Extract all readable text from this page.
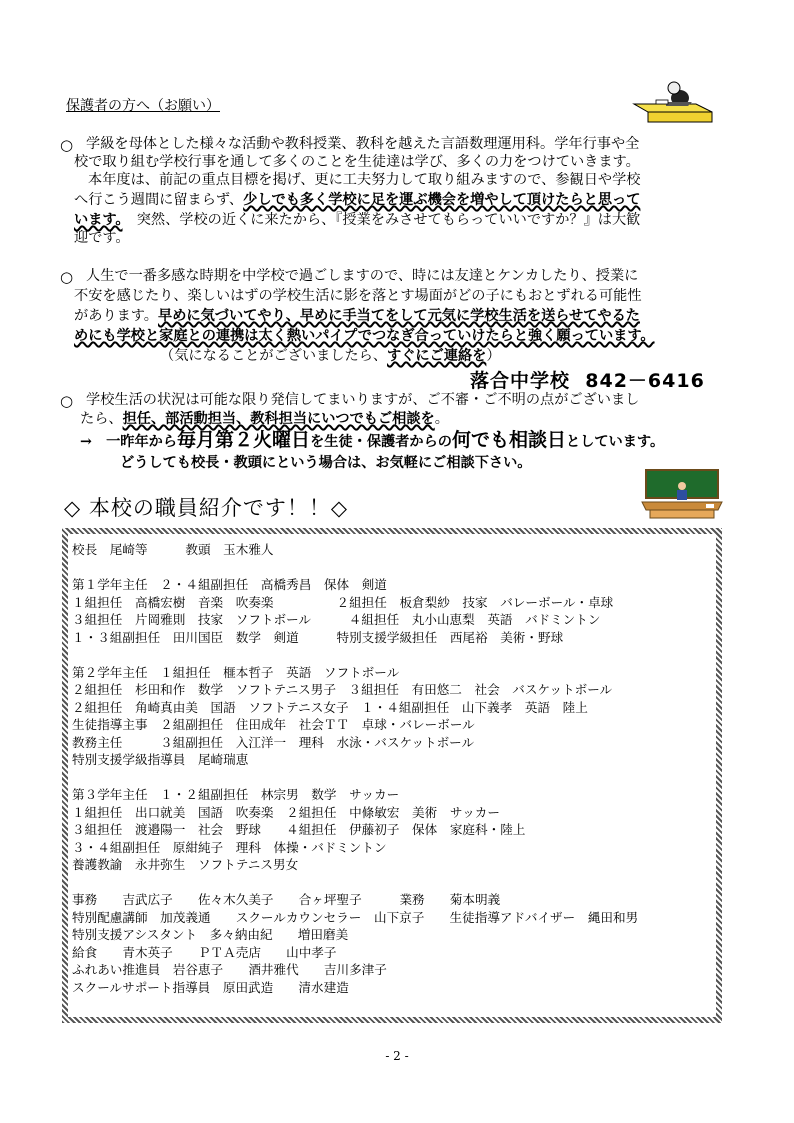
保護者の方へ（お願い）
○ 学級を母体とした様々な活動や教科授業、教科を越えた言語数理運用科。学年行事や全
校で取り組む学校行事を通して多くのことを生徒達は学び、多くの力をつけていきます。
本年度は、前記の重点目標を掲げ、更に工夫努力して取り組みますので、参観日や学校
へ行こう週間に留まらず、少しでも多く学校に足を運ぶ機会を増やして頂けたらと思って
います。　 突然、学校の近くに来たから、『授業をみさせてもらっていいですか？』は大歓
迎です。
○ 人生で一番多感な時期を中学校で過ごしますので、時には友達とケンカしたり、授業に
不安を感じたり、楽しいはずの学校生活に影を落とす場面がどの子にもおとずれる可能性
があります。早めに気づいてやり、早めに手当てをして元気に学校生活を送らせてやるた
めにも学校と家庭との連携は太く熱いパイプでつなぎ合っていけたらと強く願っています。
（気になることがございましたら、すぐにご連絡を）
落合中学校 842－6416
○ 学校生活の状況は可能な限り発信してまいりますが、ご不審・ご不明の点がございまし
たら、担任、部活動担当、教科担当にいつでもご相談を。
→　 一昨年から毎月第２火曜日を生徒・保護者からの何でも相談日としています。
どうしても校長・教頭にという場合は、お気軽にご相談下さい。
◇ 本校の職員紹介です！！◇
校長　尾崎等　　　教頭　玉木雅人

第１学年主任　２・４組副担任　高橋秀昌　保体　剣道
１組担任　高橋宏樹　音楽　吹奏楽　　　　　２組担任　板倉梨紗　技家　バレーボール・卓球
３組担任　片岡雅則　技家　ソフトボール　　　４組担任　丸小山恵梨　英語　バドミントン
１・３組副担任　田川国臣　数学　剣道　　　特別支援学級担任　西尾裕　美術・野球

第２学年主任　１組担任　榧本哲子　英語　ソフトボール
２組担任　杉田和作　数学　ソフトテニス男子　３組担任　有田悠二　社会　バスケットボール
２組担任　角崎真由美　国語　ソフトテニス女子　１・４組副担任　山下義孝　英語　陸上
生徒指導主事　２組副担任　住田成年　社会ＴＴ　卓球・バレーボール
教務主任　　　３組副担任　入江洋一　理科　水泳・バスケットボール
特別支援学級指導員　尾崎瑞恵

第３学年主任　１・２組副担任　林宗男　数学　サッカー
１組担任　出口就美　国語　吹奏楽　２組担任　中條敏宏　美術　サッカー
３組担任　渡邉陽一　社会　野球　　４組担任　伊藤初子　保体　家庭科・陸上
３・４組副担任　原紺純子　理科　体操・バドミントン
養護教諭　永井弥生　ソフトテニス男女

事務　　吉武広子　　佐々木久美子　　合ヶ坪聖子　　　業務　　菊本明義
特別配慮講師　加茂義通　　スクールカウンセラー　山下京子　　生徒指導アドバイザー　縄田和男
特別支援アシスタント　多々納由紀　　増田磨美
給食　　青木英子　　ＰＴＡ売店　　山中孝子
ふれあい推進員　岩谷恵子　　酒井雅代　　吉川多津子
スクールサポート指導員　原田武造　　清水建造
- 2 -
